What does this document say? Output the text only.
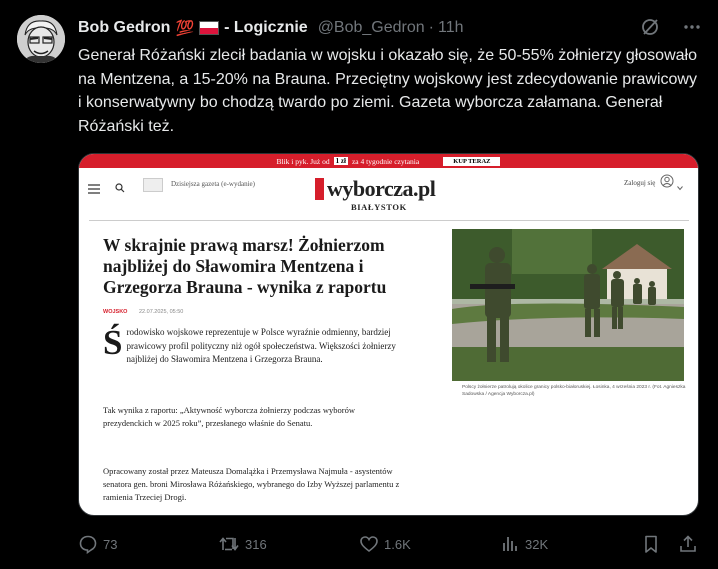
Bob Gedron 💯 - Logicznie @Bob_Gedron · 11h
Generał Różański zlecił badania w wojsku i okazało się, że 50-55% żołnierzy głosowało na Mentzena, a 15-20% na Brauna. Przeciętny wojskowy jest zdecydowanie prawicowy i konserwatywny bo chodzą twardo po ziemi. Gazeta wyborcza załamana. Generał Różański też.
Blik i pyk. Już od 1 zł za 4 tygodnie czytania	KUP TERAZ
Dzisiejsza gazeta (e-wydanie)	wyborcza.pl
BIAŁYSTOK
Zaloguj się
W skrajnie prawą marsz! Żołnierzom najbliżej do Sławomira Mentzena i Grzegorza Brauna - wynika z raportu
WOJSKO 22.07.2025, 05:50
Ś rodowisko wojskowe reprezentuje w Polsce wyraźnie odmienny, bardziej prawicowy profil polityczny niż ogół społeczeństwa. Większości żołnierzy najbliżej do Sławomira Mentzena i Grzegorza Brauna.
Tak wynika z raportu: „Aktywność wyborcza żołnierzy podczas wyborów prezydenckich w 2025 roku”, przesłanego właśnie do Senatu.
Opracowany został przez Mateusza Domalążka i Przemysława Najmuła - asystentów senatora gen. broni Mirosława Różańskiego, wybranego do Izby Wyższej parlamentu z ramienia Trzeciej Drogi.
Polscy żołnierze patrolują okolice granicy polsko-białoruskiej. Łosinka, 4 września 2023 r. (Fot. Agnieszka Sadowska / Agencja Wyborcza.pl)
73	316	1.6K	32K
